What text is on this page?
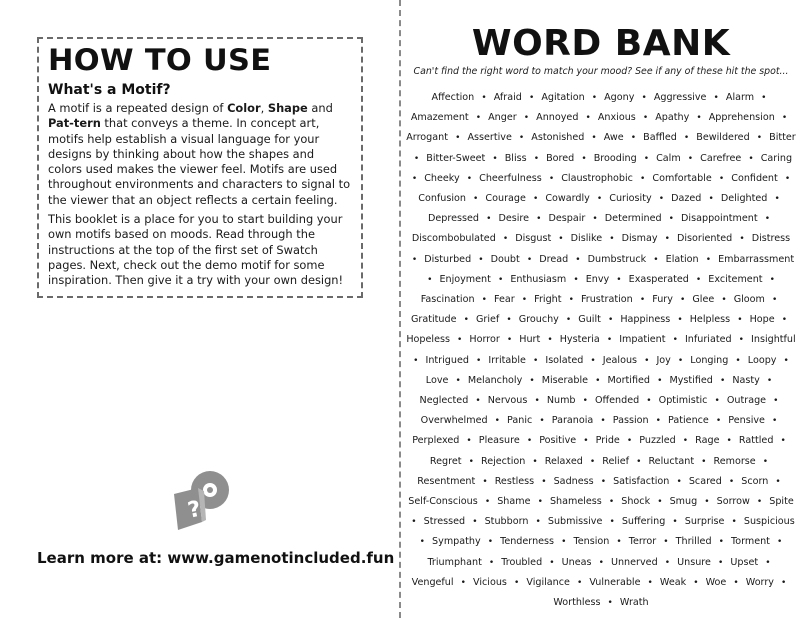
HOW TO USE
What's a Motif?

A motif is a repeated design of Color, Shape and Pat-tern that conveys a theme. In concept art, motifs help establish a visual language for your designs by thinking about how the shapes and colors used makes the viewer feel. Motifs are used throughout environments and characters to signal to the viewer that an object reflects a certain feeling.

This booklet is a place for you to start building your own motifs based on moods. Read through the instructions at the top of the first set of Swatch pages. Next, check out the demo motif for some inspiration. Then give it a try with your own design!

?
Learn more at: www.gamenotincluded.fun
WORD BANK
Can't find the right word to match your mood? See if any of these hit the spot...
Affection • Afraid • Agitation • Agony • Aggressive • Alarm • Amazement • Anger • Annoyed • Anxious • Apathy • Apprehension • Arrogant • Assertive • Astonished • Awe • Baffled • Bewildered • Bitter • Bitter-Sweet • Bliss • Bored • Brooding • Calm • Carefree • Caring • Cheeky • Cheerfulness • Claustrophobic • Comfortable • Confident • Confusion • Courage • Cowardly • Curiosity • Dazed • Delighted • Depressed • Desire • Despair • Determined • Disappointment • Discombobulated • Disgust • Dislike • Dismay • Disoriented • Distress • Disturbed • Doubt • Dread • Dumbstruck • Elation • Embarrassment • Enjoyment • Enthusiasm • Envy • Exasperated • Excitement • Fascination • Fear • Fright • Frustration • Fury • Glee • Gloom • Gratitude • Grief • Grouchy • Guilt • Happiness • Helpless • Hope • Hopeless • Horror • Hurt • Hysteria • Impatient • Infuriated • Insightful • Intrigued • Irritable • Isolated • Jealous • Joy • Longing • Loopy • Love • Melancholy • Miserable • Mortified • Mystified • Nasty • Neglected • Nervous • Numb • Offended • Optimistic • Outrage • Overwhelmed • Panic • Paranoia • Passion • Patience • Pensive • Perplexed • Pleasure • Positive • Pride • Puzzled • Rage • Rattled • Regret • Rejection • Relaxed • Relief • Reluctant • Remorse • Resentment • Restless • Sadness • Satisfaction • Scared • Scorn • Self-Conscious • Shame • Shameless • Shock • Smug • Sorrow • Spite • Stressed • Stubborn • Submissive • Suffering • Surprise • Suspicious • Sympathy • Tenderness • Tension • Terror • Thrilled • Torment • Triumphant • Troubled • Uneas • Unnerved • Unsure • Upset • Vengeful • Vicious • Vigilance • Vulnerable • Weak • Woe • Worry • Worthless • Wrath
